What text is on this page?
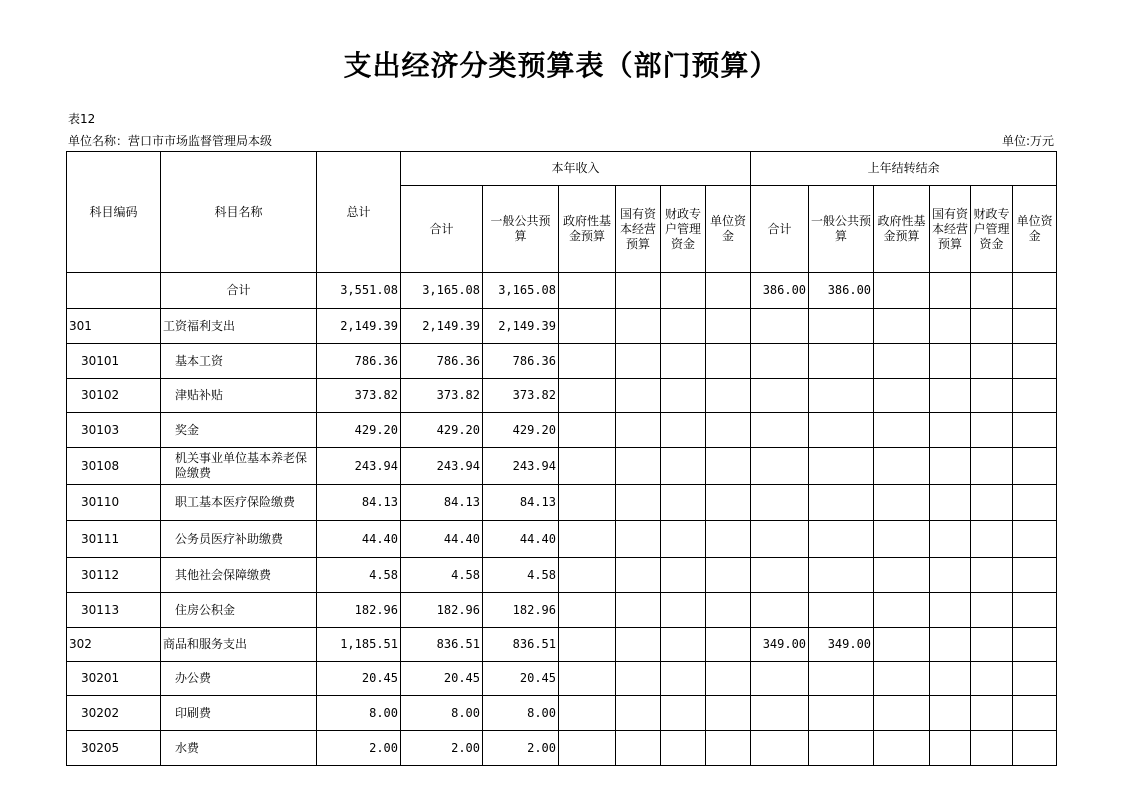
支出经济分类预算表（部门预算）
表12
单位名称：营口市市场监督管理局本级	单位:万元
科目编码	科目名称	总计	本年收入						上年结转结余					
			合计	一般公共预算	政府性基金预算	国有资本经营预算	财政专户管理资金	单位资金	合计	一般公共预算	政府性基金预算	国有资本经营预算	财政专户管理资金	单位资金
	合计	3,551.08	3,165.08	3,165.08					386.00	386.00				
301	工资福利支出	2,149.39	2,149.39	2,149.39										
30101	基本工资	786.36	786.36	786.36										
30102	津贴补贴	373.82	373.82	373.82										
30103	奖金	429.20	429.20	429.20										
30108	机关事业单位基本养老保险缴费	243.94	243.94	243.94										
30110	职工基本医疗保险缴费	84.13	84.13	84.13										
30111	公务员医疗补助缴费	44.40	44.40	44.40										
30112	其他社会保障缴费	4.58	4.58	4.58										
30113	住房公积金	182.96	182.96	182.96										
302	商品和服务支出	1,185.51	836.51	836.51					349.00	349.00				
30201	办公费	20.45	20.45	20.45										
30202	印刷费	8.00	8.00	8.00										
30205	水费	2.00	2.00	2.00										
